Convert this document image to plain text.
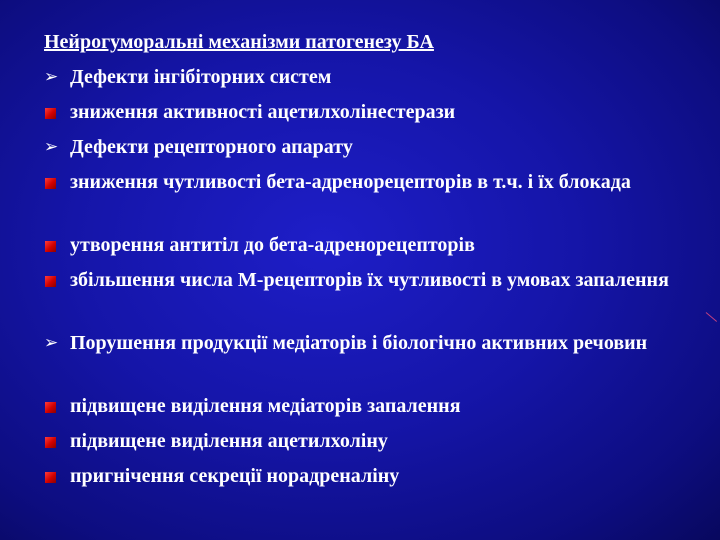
Нейрогуморальні механізми патогенезу БА
➢ Дефекти інгібіторних систем
зниження активності ацетилхолінестерази
➢ Дефекти рецепторного апарату
зниження чутливості бета-адренорецепторів в т.ч. і їх блокада
утворення антитіл до бета-адренорецепторів
збільшення числа М-рецепторів їх чутливості в умовах запалення
➢ Порушення продукції медіаторів і біологічно активних речовин
підвищене виділення медіаторів запалення
підвищене виділення ацетилхоліну
пригнічення секреції норадреналіну
